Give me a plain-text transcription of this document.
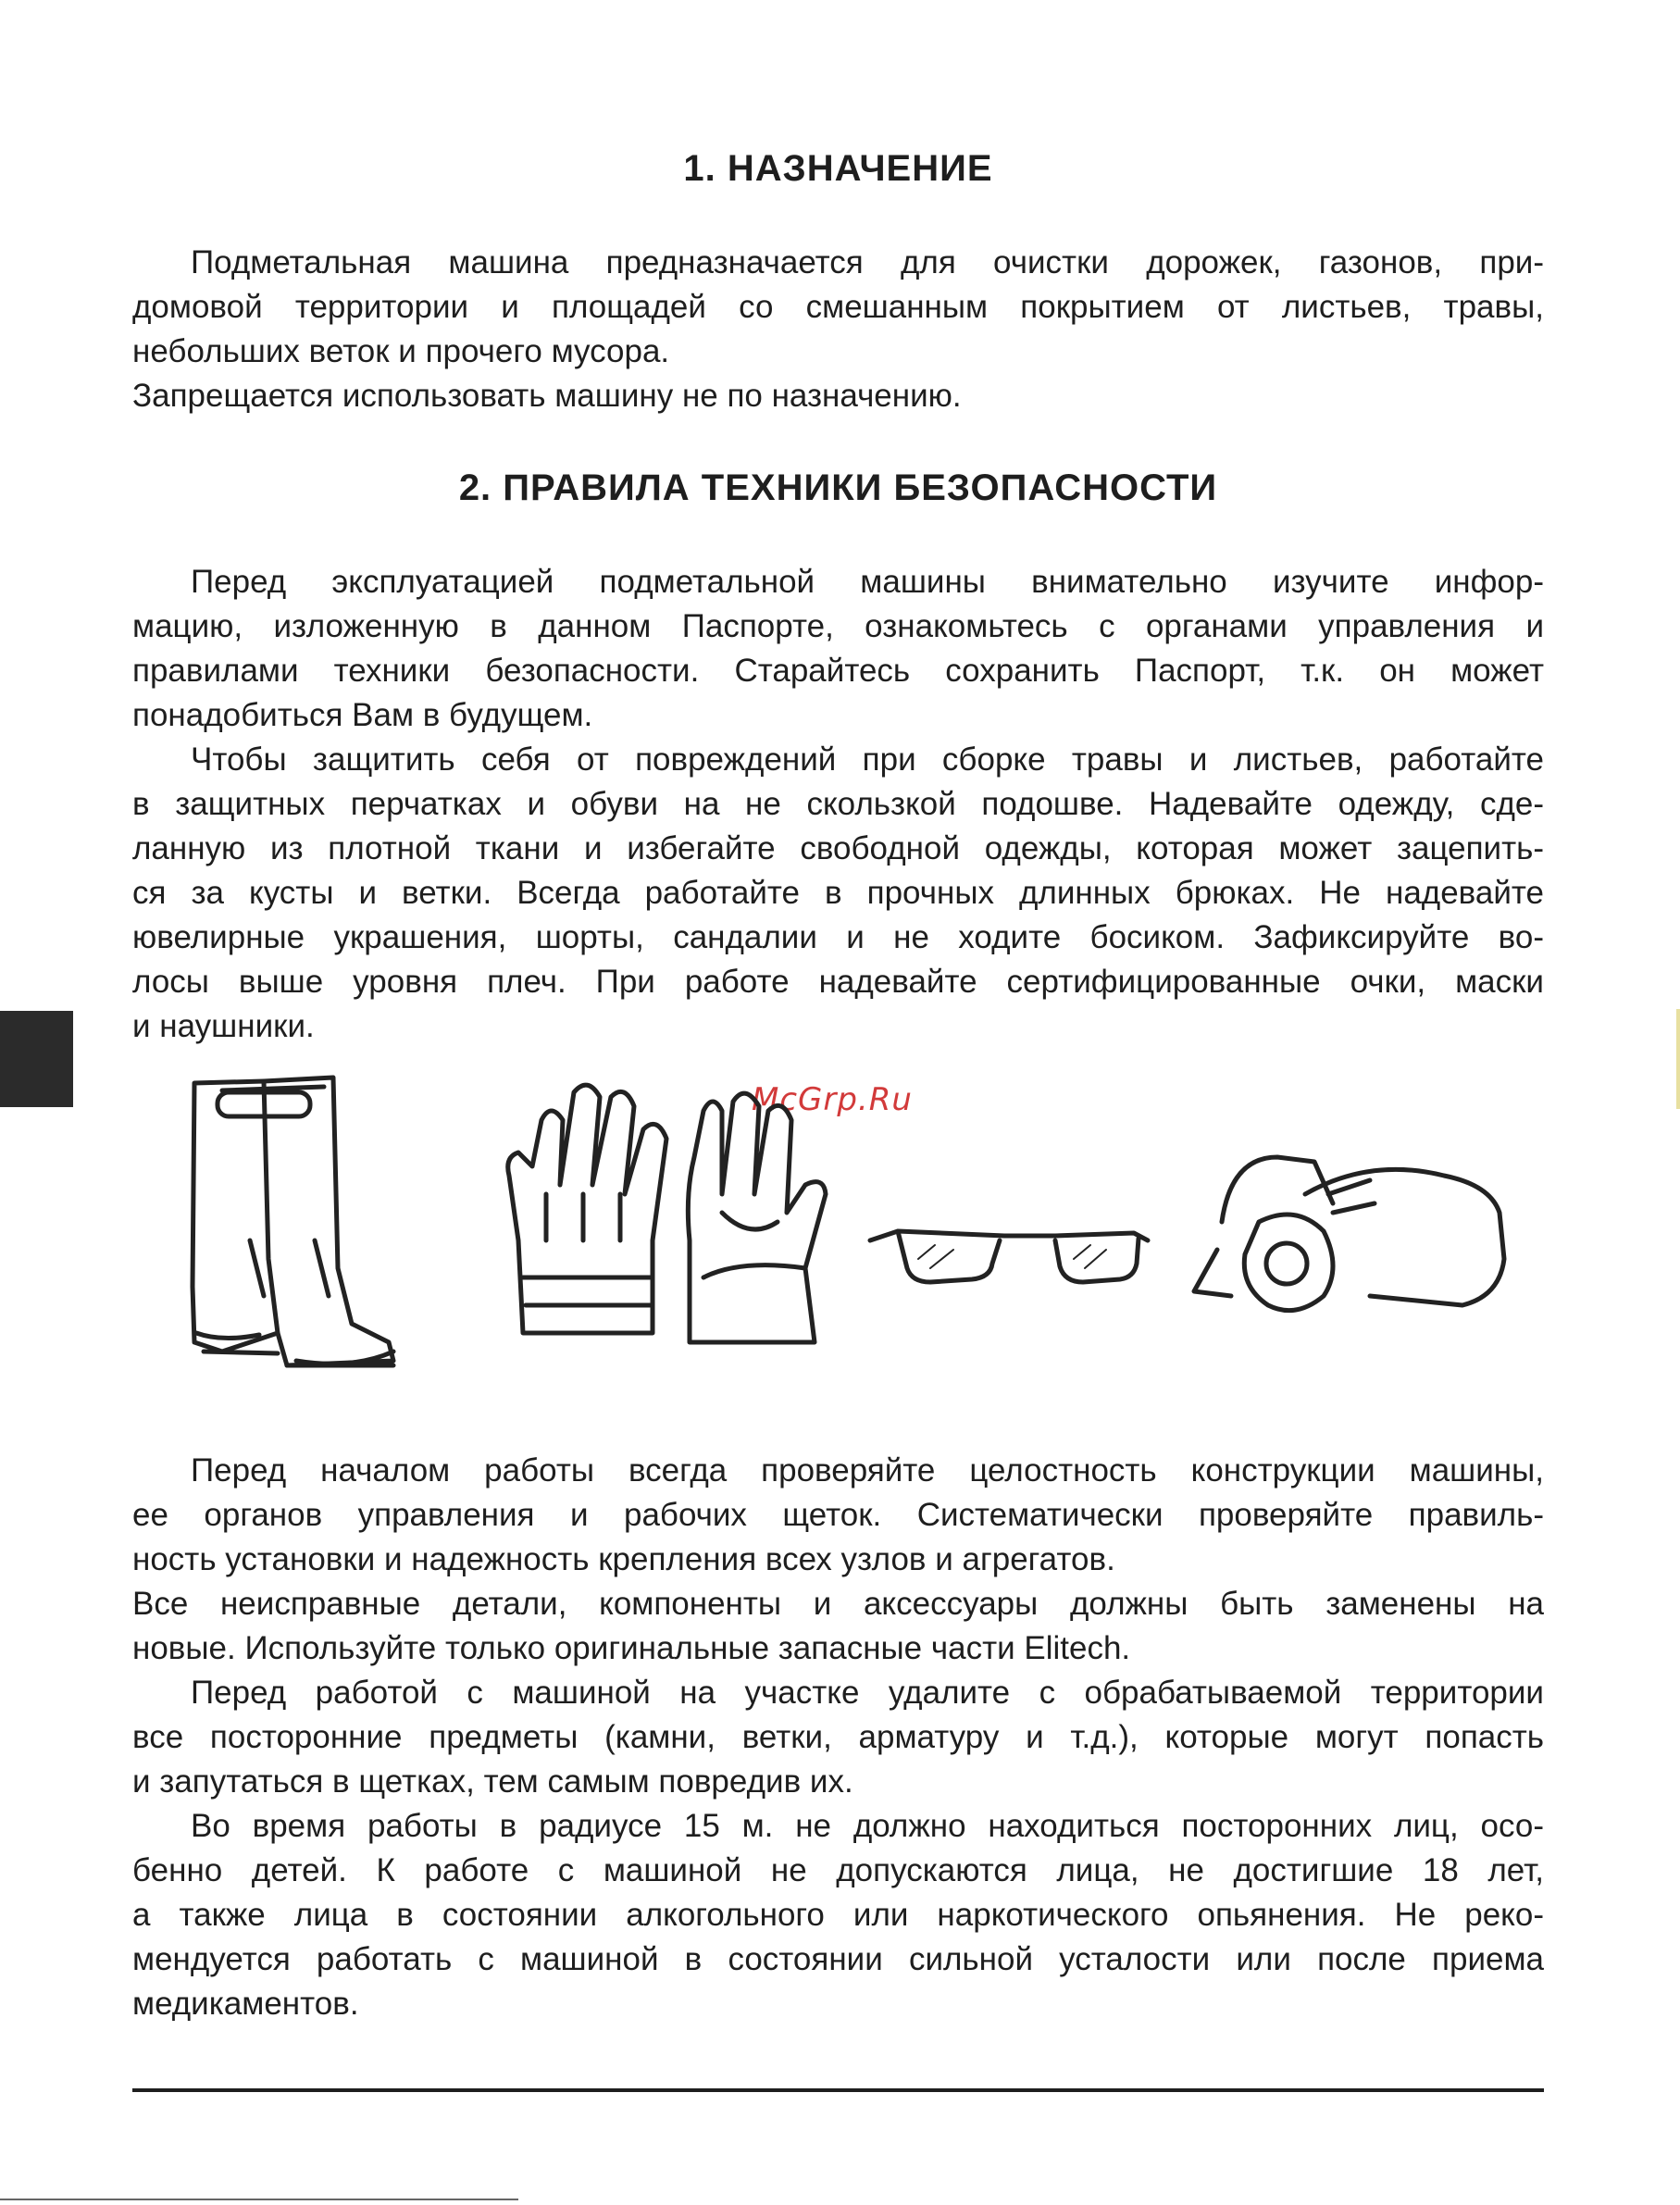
1. НАЗНАЧЕНИЕ
Подметальная машина предназначается для очистки дорожек, газонов, при-
домовой территории и площадей со смешанным покрытием от листьев, травы,
небольших веток и прочего мусора.
Запрещается использовать машину не по назначению.
2. ПРАВИЛА ТЕХНИКИ БЕЗОПАСНОСТИ
Перед эксплуатацией подметальной машины внимательно изучите инфор-
мацию, изложенную в данном Паспорте, ознакомьтесь с органами управления и
правилами техники безопасности. Старайтесь сохранить Паспорт, т.к. он может
понадобиться Вам в будущем.
Чтобы защитить себя от повреждений при сборке травы и листьев, работайте
в защитных перчатках и обуви на не скользкой подошве. Надевайте одежду, сде-
ланную из плотной ткани и избегайте свободной одежды, которая может зацепить-
ся за кусты и ветки. Всегда работайте в прочных длинных брюках. Не надевайте
ювелирные украшения, шорты, сандалии и не ходите босиком. Зафиксируйте во-
лосы выше уровня плеч. При работе надевайте сертифицированные очки, маски
и наушники.
Перед началом работы всегда проверяйте целостность конструкции машины,
ее органов управления и рабочих щеток. Систематически проверяйте правиль-
ность установки и надежность крепления всех узлов и агрегатов.
Все неисправные детали, компоненты и аксессуары должны быть заменены на
новые. Используйте только оригинальные запасные части Elitech.
Перед работой с машиной на участке удалите с обрабатываемой территории
все посторонние предметы (камни, ветки, арматуру и т.д.), которые могут попасть
и запутаться в щетках, тем самым повредив их.
Во время работы в радиусе 15 м. не должно находиться посторонних лиц, осо-
бенно детей. К работе с машиной не допускаются лица, не достигшие 18 лет,
а также лица в состоянии алкогольного или наркотического опьянения. Не реко-
мендуется работать с машиной в состоянии сильной усталости или после приема
медикаментов.
McGrp.Ru
